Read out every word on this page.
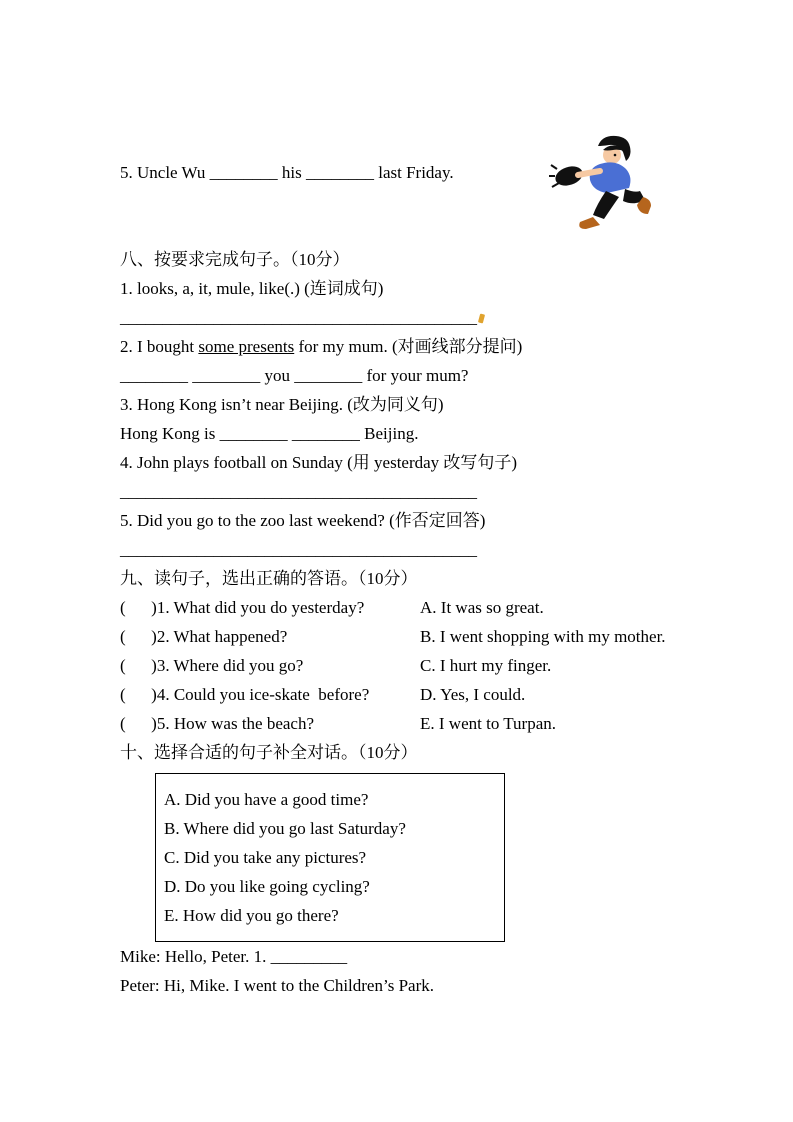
5. Uncle Wu ________ his ________ last Friday.

八、按要求完成句子。（10分）

1. looks, a, it, mule, like(.) (连词成句)

__________________________________________

2. I bought some presents for my mum. (对画线部分提问)

________ ________ you ________ for your mum?

3. Hong Kong isn’t near Beijing. (改为同义句)

Hong Kong is ________ ________ Beijing.

4. John plays football on Sunday (用 yesterday 改写句子)

__________________________________________

5. Did you go to the zoo last weekend? (作否定回答)

__________________________________________

九、读句子，选出正确的答语。（10分）
(      )1. What did you do yesterday?	A. It was so great.
(      )2. What happened?	B. I went shopping with my mother.
(      )3. Where did you go?	C. I hurt my finger.
(      )4. Could you ice-skate  before?	D. Yes, I could.
(      )5. How was the beach?	E. I went to Turpan.
十、选择合适的句子补全对话。（10分）

A. Did you have a good time?

B. Where did you go last Saturday?

C. Did you take any pictures?

D. Do you like going cycling?

E. How did you go there?

Mike: Hello, Peter. 1. _________

Peter: Hi, Mike. I went to the Children’s Park.
